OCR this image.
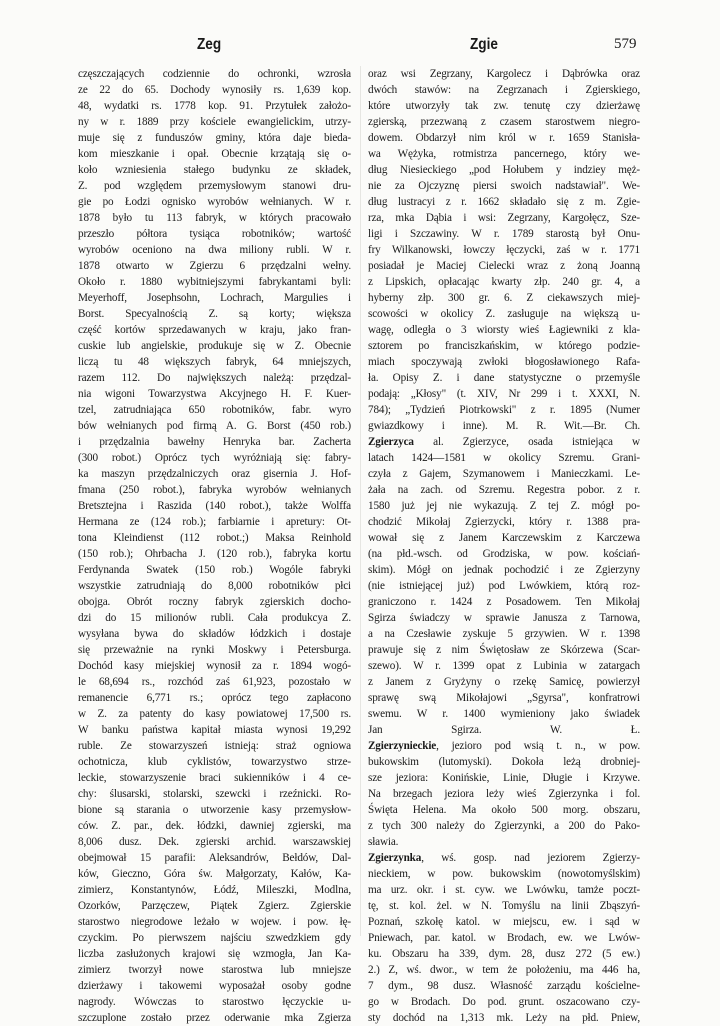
Zeg	Zgie	579
częszczających codziennie do ochronki, wzrosła
ze 22 do 65. Dochody wynosiły rs. 1,639 kop.
48, wydatki rs. 1778 kop. 91. Przytułek założo-
ny w r. 1889 przy kościele ewangielickim, utrzy-
muje się z funduszów gminy, która daje biedа-
kom mieszkanie i opał. Obecnie krzątają się o-
koło wzniesienia stałego budynku ze składek,
Z. pod względem przemysłowym stanowi dru-
gie po Łodzi ognisko wyrobów wełnianych. W r.
1878 było tu 113 fabryk, w których pracowało
przeszło półtora tysiąca robotników; wartość
wyrobów oceniono na dwa miliony rubli. W r.
1878 otwarto w Zgierzu 6 przędzalni wełny.
Około r. 1880 wybitniejszymi fabrykantami byli:
Meyerhoff, Josephsohn, Lochrach, Margulies i
Borst. Specyalnością Z. są korty; większa
część kortów sprzedawanych w kraju, jako fran-
cuskie lub angielskie, produkuje się w Z. Obecnie
liczą tu 48 większych fabryk, 64 mniejszych,
razem 112. Do największych należą: przędzal-
nia wigoni Towarzystwa Akcyjnego H. F. Kuer-
tzel, zatrudniająca 650 robotników, fabr. wyro
bów wełnianych pod firmą A. G. Borst (450 rob.)
i przędzalnia bawełny Henryka bar. Zacherta
(300 robot.) Oprócz tych wyróżniają się: fabry-
ka maszyn przędzalniczych oraz gisernia J. Hof-
fmana (250 robot.), fabryka wyrobów wełnianych
Bretsztejna i Raszida (140 robot.), także Wolffa
Hermana ze (124 rob.); farbiarnie i apretury: Ot-
tona Kleindienst (112 robot.;) Maksa Reinhold
(150 rob.); Ohrbacha J. (120 rob.), fabryka kortu
Ferdynanda Swatek (150 rob.) Wogóle fabryki
wszystkie zatrudniają do 8,000 robotników płci
obojga. Obrót roczny fabryk zgierskich docho-
dzi do 15 milionów rubli. Cała produkcya Z.
wysyłana bywa do składów łódzkich i dostaje
się przeważnie na rynki Moskwy i Petersburga.
Dochód kasy miejskiej wynosił za r. 1894 wogó-
le 68,694 rs., rozchód zaś 61,923, pozostało w
remanencie 6,771 rs.; oprócz tego zapłacono
w Z. za patenty do kasy powiatowej 17,500 rs.
W banku państwa kapitał miasta wynosi 19,292
ruble. Ze stowarzyszeń istnieją: straż ogniowa
ochotnicza, klub cyklistów, towarzystwo strze-
leckie, stowarzyszenie braci sukienników i 4 ce-
chy: ślusarski, stolarski, szewcki i rzeźnicki. Ro-
bione są starania o utworzenie kasy przemysłow-
ców. Z. par., dek. łódzki, dawniej zgierski, ma
8,006 dusz. Dek. zgierski archid. warszawskiej
obejmował 15 parafii: Aleksandrów, Bełdów, Dal-
ków, Gieczno, Góra św. Małgorzaty, Kałów, Ka-
zimierz, Konstantynów, Łódź, Mileszki, Modlna,
Ozorków, Parzęczew, Piątek Zgierz. Zgierskie
starostwo niegrodowe leżało w wojew. i pow. łę-
czyckim. Po pierwszem najściu szwedzkiem gdy
liczba zasłużonych krajowi się wzmogła, Jan Ka-
zimierz tworzył nowe starostwa lub mniejsze
dzierżawy i takowemi wyposażał osoby godne
nagrody. Wówczas to starostwo łęczyckie u-
szczuplone zostało przez oderwanie mka Zgierza
oraz wsi Zegrzany, Kargolecz i Dąbrówka oraz
dwóch stawów: na Zegrzanach i Zgierskiego,
które utworzyły tak zw. tenutę czy dzierżawę
zgierską, przezwaną z czasem starostwem niegro-
dowem. Obdarzył nim król w r. 1659 Stanisła-
wa Wężyka, rotmistrza pancernego, który we-
dług Niesieckiego „pod Hołubem y indziey męż-
nie za Ojczyznę piersi swoich nadstawiał". We-
dług lustracyi z r. 1662 składało się z m. Zgie-
rza, mka Dąbia i wsi: Zegrzany, Kargołęcz, Sze-
ligi i Szczawiny. W r. 1789 starostą był Onu-
fry Wilkanowski, łowczy łęczycki, zaś w r. 1771
posiadał je Maciej Cielecki wraz z żoną Joanną
z Lipskich, opłacając kwarty złp. 240 gr. 4, a
hyberny złp. 300 gr. 6. Z ciekawszych miej-
scowości w okolicy Z. zasługuje na większą u-
wagę, odległa o 3 wiorsty wieś Łagiewniki z kla-
sztorem po franciszkańskim, w którego podzie-
miach spoczywają zwłoki błogosławionego Rafa-
ła. Opisy Z. i dane statystyczne o przemyśle
podają: „Kłosy" (t. XIV, Nr 299 i t. XXXI, N.
784); „Tydzień Piotrkowski" z r. 1895 (Numer
gwiazdkowy i inne). M. R. Wit.—Br. Ch.
Zgierzyca al. Zgierzyce, osada istniejąca w
latach 1424—1581 w okolicy Szremu. Grani-
czyła z Gajem, Szymanowem i Manieczkami. Le-
żała na zach. od Szremu. Regestra pobor. z r.
1580 już jej nie wykazują. Z tej Z. mógł po-
chodzić Mikołaj Zgierzycki, który r. 1388 pra-
wował się z Janem Karczewskim z Karczewa
(na płd.-wsch. od Grodziska, w pow. kościań-
skim). Mógł on jednak pochodzić i ze Zgierzyny
(nie istniejącej już) pod Lwówkiem, którą roz-
graniczono r. 1424 z Posadowem. Ten Mikołaj
Sgirza świadczy w sprawie Janusza z Tarnowa,
a na Czesławie zyskuje 5 grzywien. W r. 1398
prawuje się z nim Świętosław ze Skórzewa (Scar-
szewo). W r. 1399 opat z Lubinia w zatargach
z Janem z Gryżyny o rzekę Samicę, powierzył
sprawę swą Mikołajowi „Sgyrsa", konfratrowi
swemu. W r. 1400 wymieniony jako świadek
Jan Sgirza. W. Ł.
Zgierzynieckie, jezioro pod wsią t. n., w pow.
bukowskim (lutomyski). Dokoła leżą drobniej-
sze jeziora: Konińskie, Linie, Długie i Krzywe.
Na brzegach jeziora leży wieś Zgierzynka i fol.
Święta Helena. Ma około 500 morg. obszaru,
z tych 300 należy do Zgierzynki, a 200 do Pako-
sławia.
Zgierzynka, wś. gosp. nad jeziorem Zgierzy-
nieckiem, w pow. bukowskim (nowotomyślskim)
ma urz. okr. i st. cyw. we Lwówku, tamże poczt-
tę, st. kol. żel. w N. Tomyślu na linii Zbąszyń-
Poznań, szkołę katol. w miejscu, ew. i sąd w
Pniewach, par. katol. w Brodach, ew. we Lwów-
ku. Obszaru ha 339, dym. 28, dusz 272 (5 ew.)
2.) Z, wś. dwor., w tem że położeniu, ma 446 ha,
7 dym., 98 dusz. Własność zarządu kościelne-
go w Brodach. Do pod. grunt. oszacowano czy-
sty dochód na 1,313 mk. Leży na płd. Pniew,
